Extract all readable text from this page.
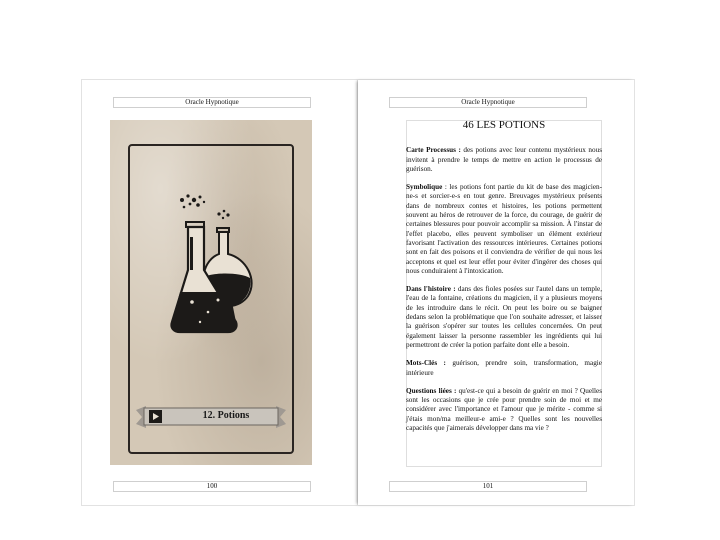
Oracle Hypnotique
12. Potions
100
Oracle Hypnotique
46 LES POTIONS

Carte Processus : des potions avec leur contenu mystérieux nous invitent à prendre le temps de mettre en action le processus de guérison.

Symbolique : les potions font partie du kit de base des magicien-ne-s et sorcier-e-s en tout genre. Breuvages mystérieux présents dans de nombreux contes et histoires, les potions permettent souvent au héros de retrouver de la force, du courage, de guérir de certaines blessures pour pouvoir accomplir sa mission. À l'instar de l'effet placebo, elles peuvent symboliser un élément extérieur favorisant l'activation des ressources intérieures. Certaines potions sont en fait des poisons et il conviendra de vérifier de qui nous les acceptons et quel est leur effet pour éviter d'ingérer des choses qui nous conduiraient à l'intoxication.

Dans l'histoire : dans des fioles posées sur l'autel dans un temple, l'eau de la fontaine, créations du magicien, il y a plusieurs moyens de les introduire dans le récit. On peut les boire ou se baigner dedans selon la problématique que l'on souhaite adresser, et laisser la guérison s'opérer sur toutes les cellules concernées. On peut également laisser la personne rassembler les ingrédients qui lui permettront de créer la potion parfaite dont elle a besoin.

Mots-Clés : guérison, prendre soin, transformation, magie intérieure

Questions liées : qu'est-ce qui a besoin de guérir en moi ? Quelles sont les occasions que je crée pour prendre soin de moi et me considérer avec l'importance et l'amour que je mérite - comme si j'étais mon/ma meilleur-e ami-e ? Quelles sont les nouvelles capacités que j'aimerais développer dans ma vie ?

101
